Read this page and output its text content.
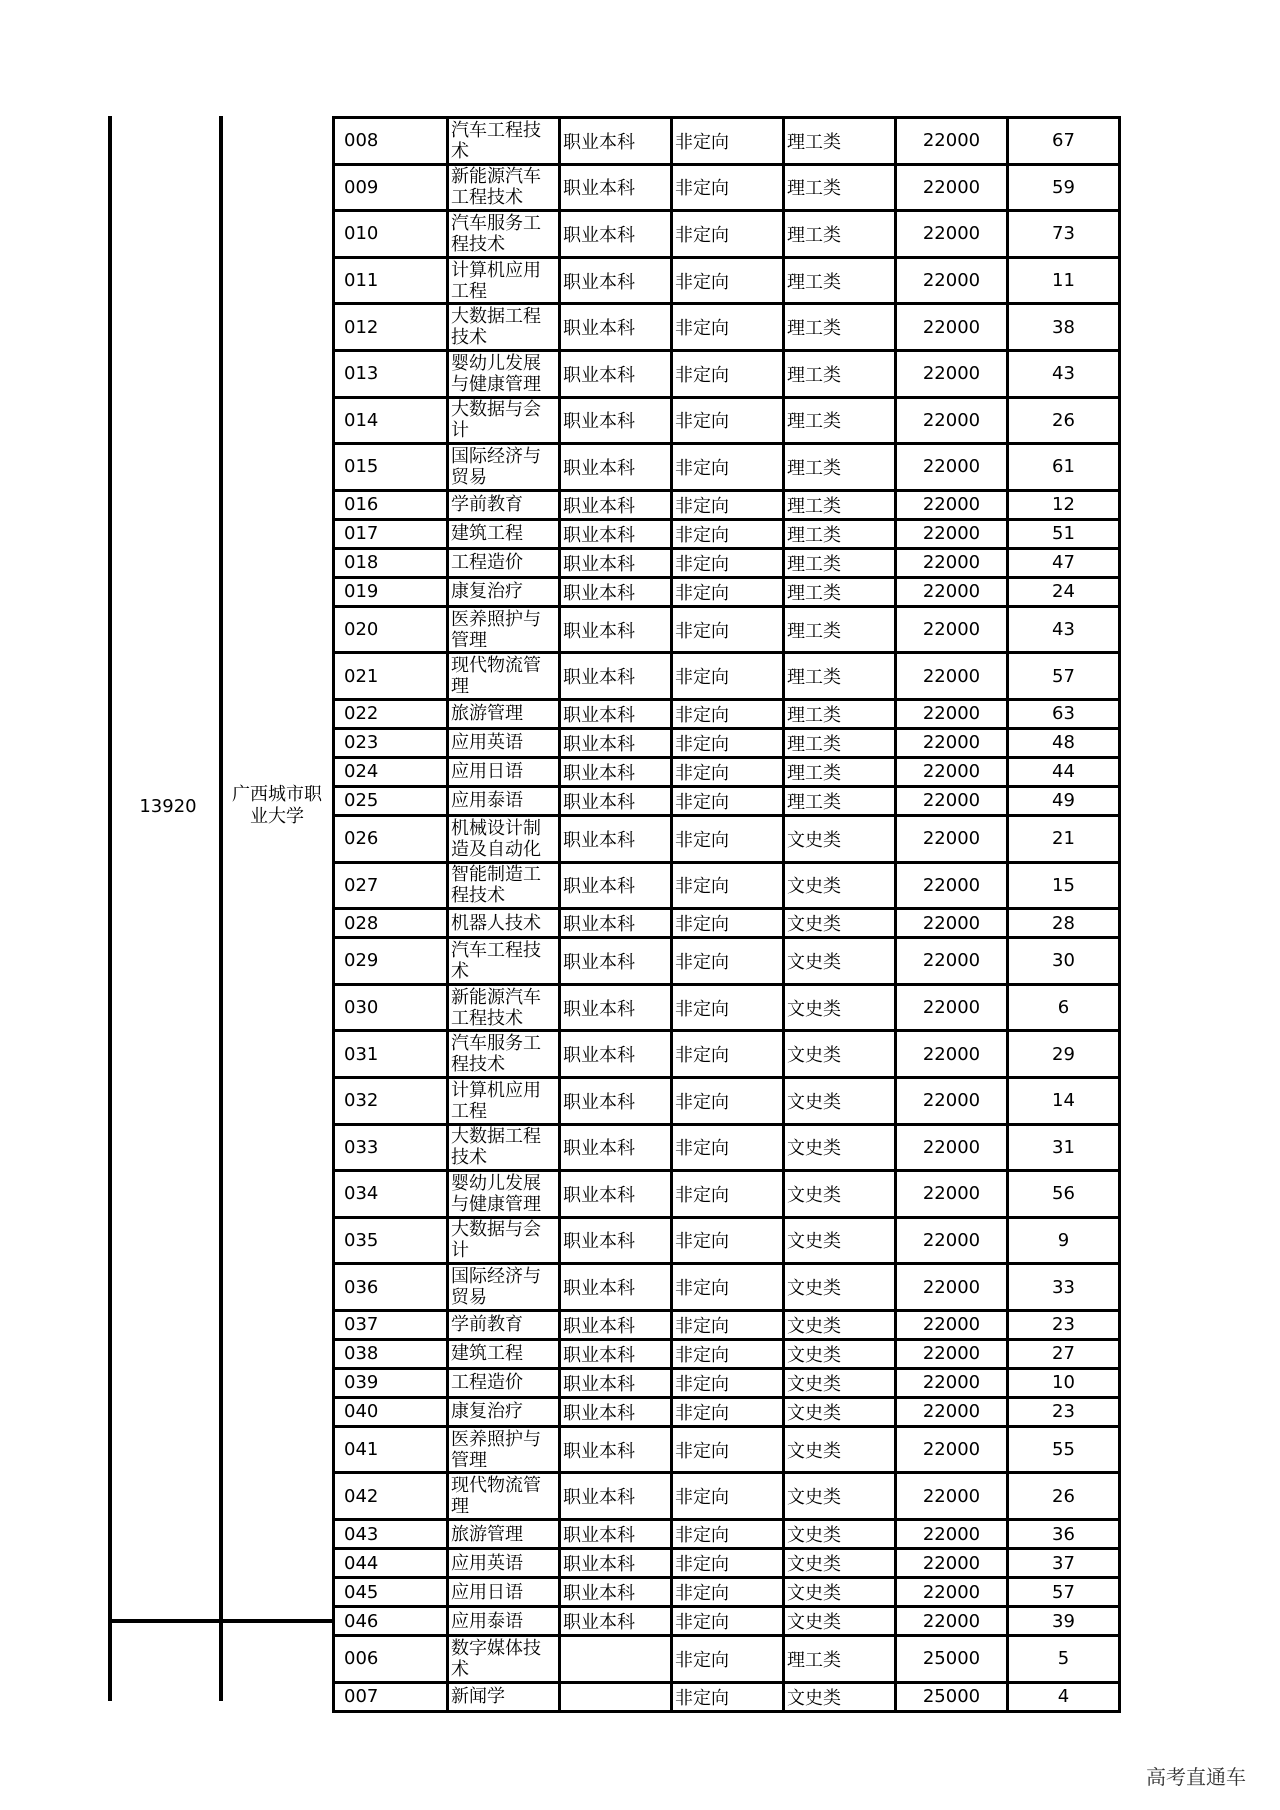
13920
广西城市职
业大学
008	汽车工程技术	职业本科	非定向	理工类	22000	67
009	新能源汽车工程技术	职业本科	非定向	理工类	22000	59
010	汽车服务工程技术	职业本科	非定向	理工类	22000	73
011	计算机应用工程	职业本科	非定向	理工类	22000	11
012	大数据工程技术	职业本科	非定向	理工类	22000	38
013	婴幼儿发展与健康管理	职业本科	非定向	理工类	22000	43
014	大数据与会计	职业本科	非定向	理工类	22000	26
015	国际经济与贸易	职业本科	非定向	理工类	22000	61
016	学前教育	职业本科	非定向	理工类	22000	12
017	建筑工程	职业本科	非定向	理工类	22000	51
018	工程造价	职业本科	非定向	理工类	22000	47
019	康复治疗	职业本科	非定向	理工类	22000	24
020	医养照护与管理	职业本科	非定向	理工类	22000	43
021	现代物流管理	职业本科	非定向	理工类	22000	57
022	旅游管理	职业本科	非定向	理工类	22000	63
023	应用英语	职业本科	非定向	理工类	22000	48
024	应用日语	职业本科	非定向	理工类	22000	44
025	应用泰语	职业本科	非定向	理工类	22000	49
026	机械设计制造及自动化	职业本科	非定向	文史类	22000	21
027	智能制造工程技术	职业本科	非定向	文史类	22000	15
028	机器人技术	职业本科	非定向	文史类	22000	28
029	汽车工程技术	职业本科	非定向	文史类	22000	30
030	新能源汽车工程技术	职业本科	非定向	文史类	22000	6
031	汽车服务工程技术	职业本科	非定向	文史类	22000	29
032	计算机应用工程	职业本科	非定向	文史类	22000	14
033	大数据工程技术	职业本科	非定向	文史类	22000	31
034	婴幼儿发展与健康管理	职业本科	非定向	文史类	22000	56
035	大数据与会计	职业本科	非定向	文史类	22000	9
036	国际经济与贸易	职业本科	非定向	文史类	22000	33
037	学前教育	职业本科	非定向	文史类	22000	23
038	建筑工程	职业本科	非定向	文史类	22000	27
039	工程造价	职业本科	非定向	文史类	22000	10
040	康复治疗	职业本科	非定向	文史类	22000	23
041	医养照护与管理	职业本科	非定向	文史类	22000	55
042	现代物流管理	职业本科	非定向	文史类	22000	26
043	旅游管理	职业本科	非定向	文史类	22000	36
044	应用英语	职业本科	非定向	文史类	22000	37
045	应用日语	职业本科	非定向	文史类	22000	57
046	应用泰语	职业本科	非定向	文史类	22000	39
006	数字媒体技术		非定向	理工类	25000	5
007	新闻学		非定向	文史类	25000	4
高考直通车
